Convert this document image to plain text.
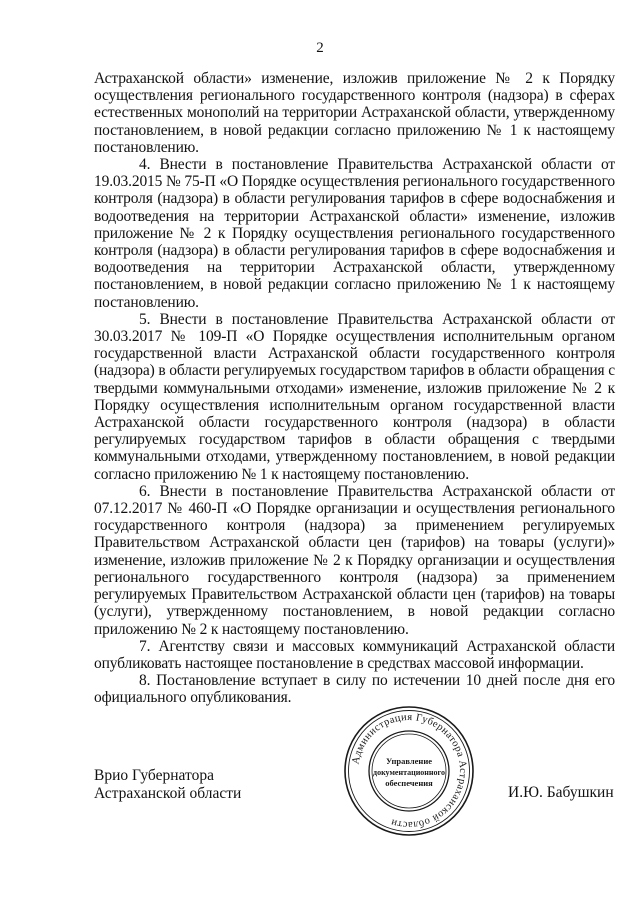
2

Астраханской области» изменение, изложив приложение № 2 к Порядку осуществления регионального государственного контроля (надзора) в сферах естественных монополий на территории Астраханской области, утвержденному постановлением, в новой редакции согласно приложению № 1 к настоящему постановлению.

4. Внести в постановление Правительства Астраханской области от 19.03.2015 № 75-П «О Порядке осуществления регионального государственного контроля (надзора) в области регулирования тарифов в сфере водоснабжения и водоотведения на территории Астраханской области» изменение, изложив приложение № 2 к Порядку осуществления регионального государственного контроля (надзора) в области регулирования тарифов в сфере водоснабжения и водоотведения на территории Астраханской области, утвержденному постановлением, в новой редакции согласно приложению № 1 к настоящему постановлению.

5. Внести в постановление Правительства Астраханской области от 30.03.2017 № 109-П «О Порядке осуществления исполнительным органом государственной власти Астраханской области государственного контроля (надзора) в области регулируемых государством тарифов в области обращения с твердыми коммунальными отходами» изменение, изложив приложение № 2 к Порядку осуществления исполнительным органом государственной власти Астраханской области государственного контроля (надзора) в области регулируемых государством тарифов в области обращения с твердыми коммунальными отходами, утвержденному постановлением, в новой редакции согласно приложению № 1 к настоящему постановлению.

6. Внести в постановление Правительства Астраханской области от 07.12.2017 № 460-П «О Порядке организации и осуществления регионального государственного контроля (надзора) за применением регулируемых Правительством Астраханской области цен (тарифов) на товары (услуги)» изменение, изложив приложение № 2 к Порядку организации и осуществления регионального государственного контроля (надзора) за применением регулируемых Правительством Астраханской области цен (тарифов) на товары (услуги), утвержденному постановлением, в новой редакции согласно приложению № 2 к настоящему постановлению.

7. Агентству связи и массовых коммуникаций Астраханской области опубликовать настоящее постановление в средствах массовой информации.

8. Постановление вступает в силу по истечении 10 дней после дня его официального опубликования.

Врио Губернатора
Астраханской области
Администрация Губернатора Астраханской области
Управление
документационного
обеспечения
И.Ю. Бабушкин
